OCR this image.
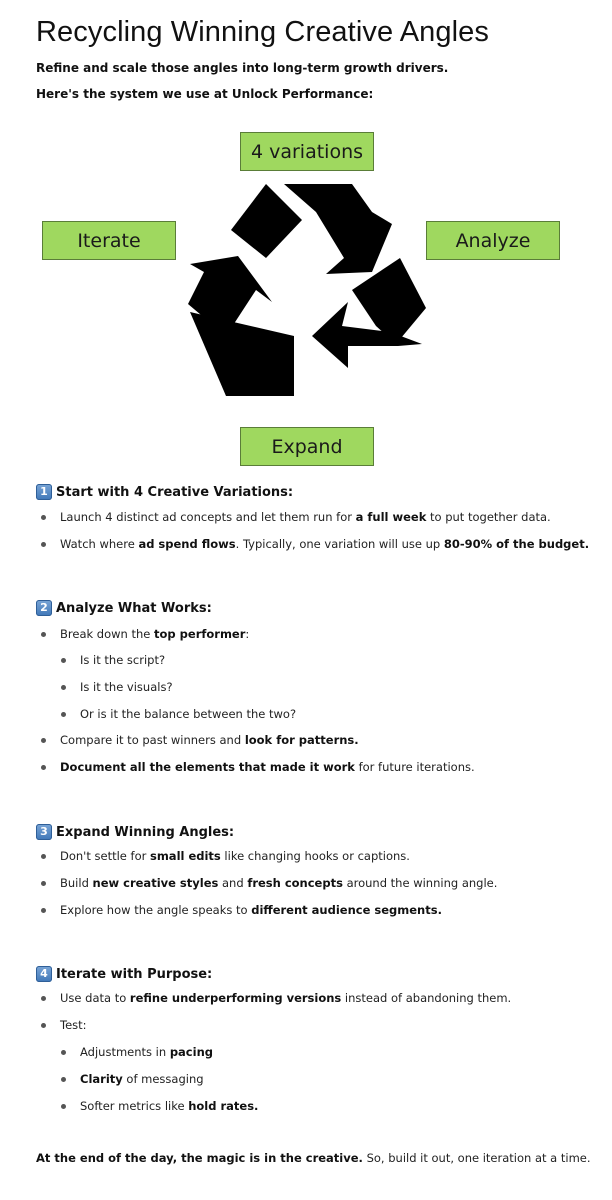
Recycling Winning Creative Angles
Refine and scale those angles into long-term growth drivers.
Here's the system we use at Unlock Performance:
4 variations
Analyze
Expand
Iterate
1 Start with 4 Creative Variations:
Launch 4 distinct ad concepts and let them run for a full week to put together data.
Watch where ad spend flows. Typically, one variation will use up 80-90% of the budget.
2 Analyze What Works:
Break down the top performer:
Is it the script?
Is it the visuals?
Or is it the balance between the two?
Compare it to past winners and look for patterns.
Document all the elements that made it work for future iterations.
3 Expand Winning Angles:
Don't settle for small edits like changing hooks or captions.
Build new creative styles and fresh concepts around the winning angle.
Explore how the angle speaks to different audience segments.
4 Iterate with Purpose:
Use data to refine underperforming versions instead of abandoning them.
Test:
Adjustments in pacing
Clarity of messaging
Softer metrics like hold rates.
At the end of the day, the magic is in the creative. So, build it out, one iteration at a time.
